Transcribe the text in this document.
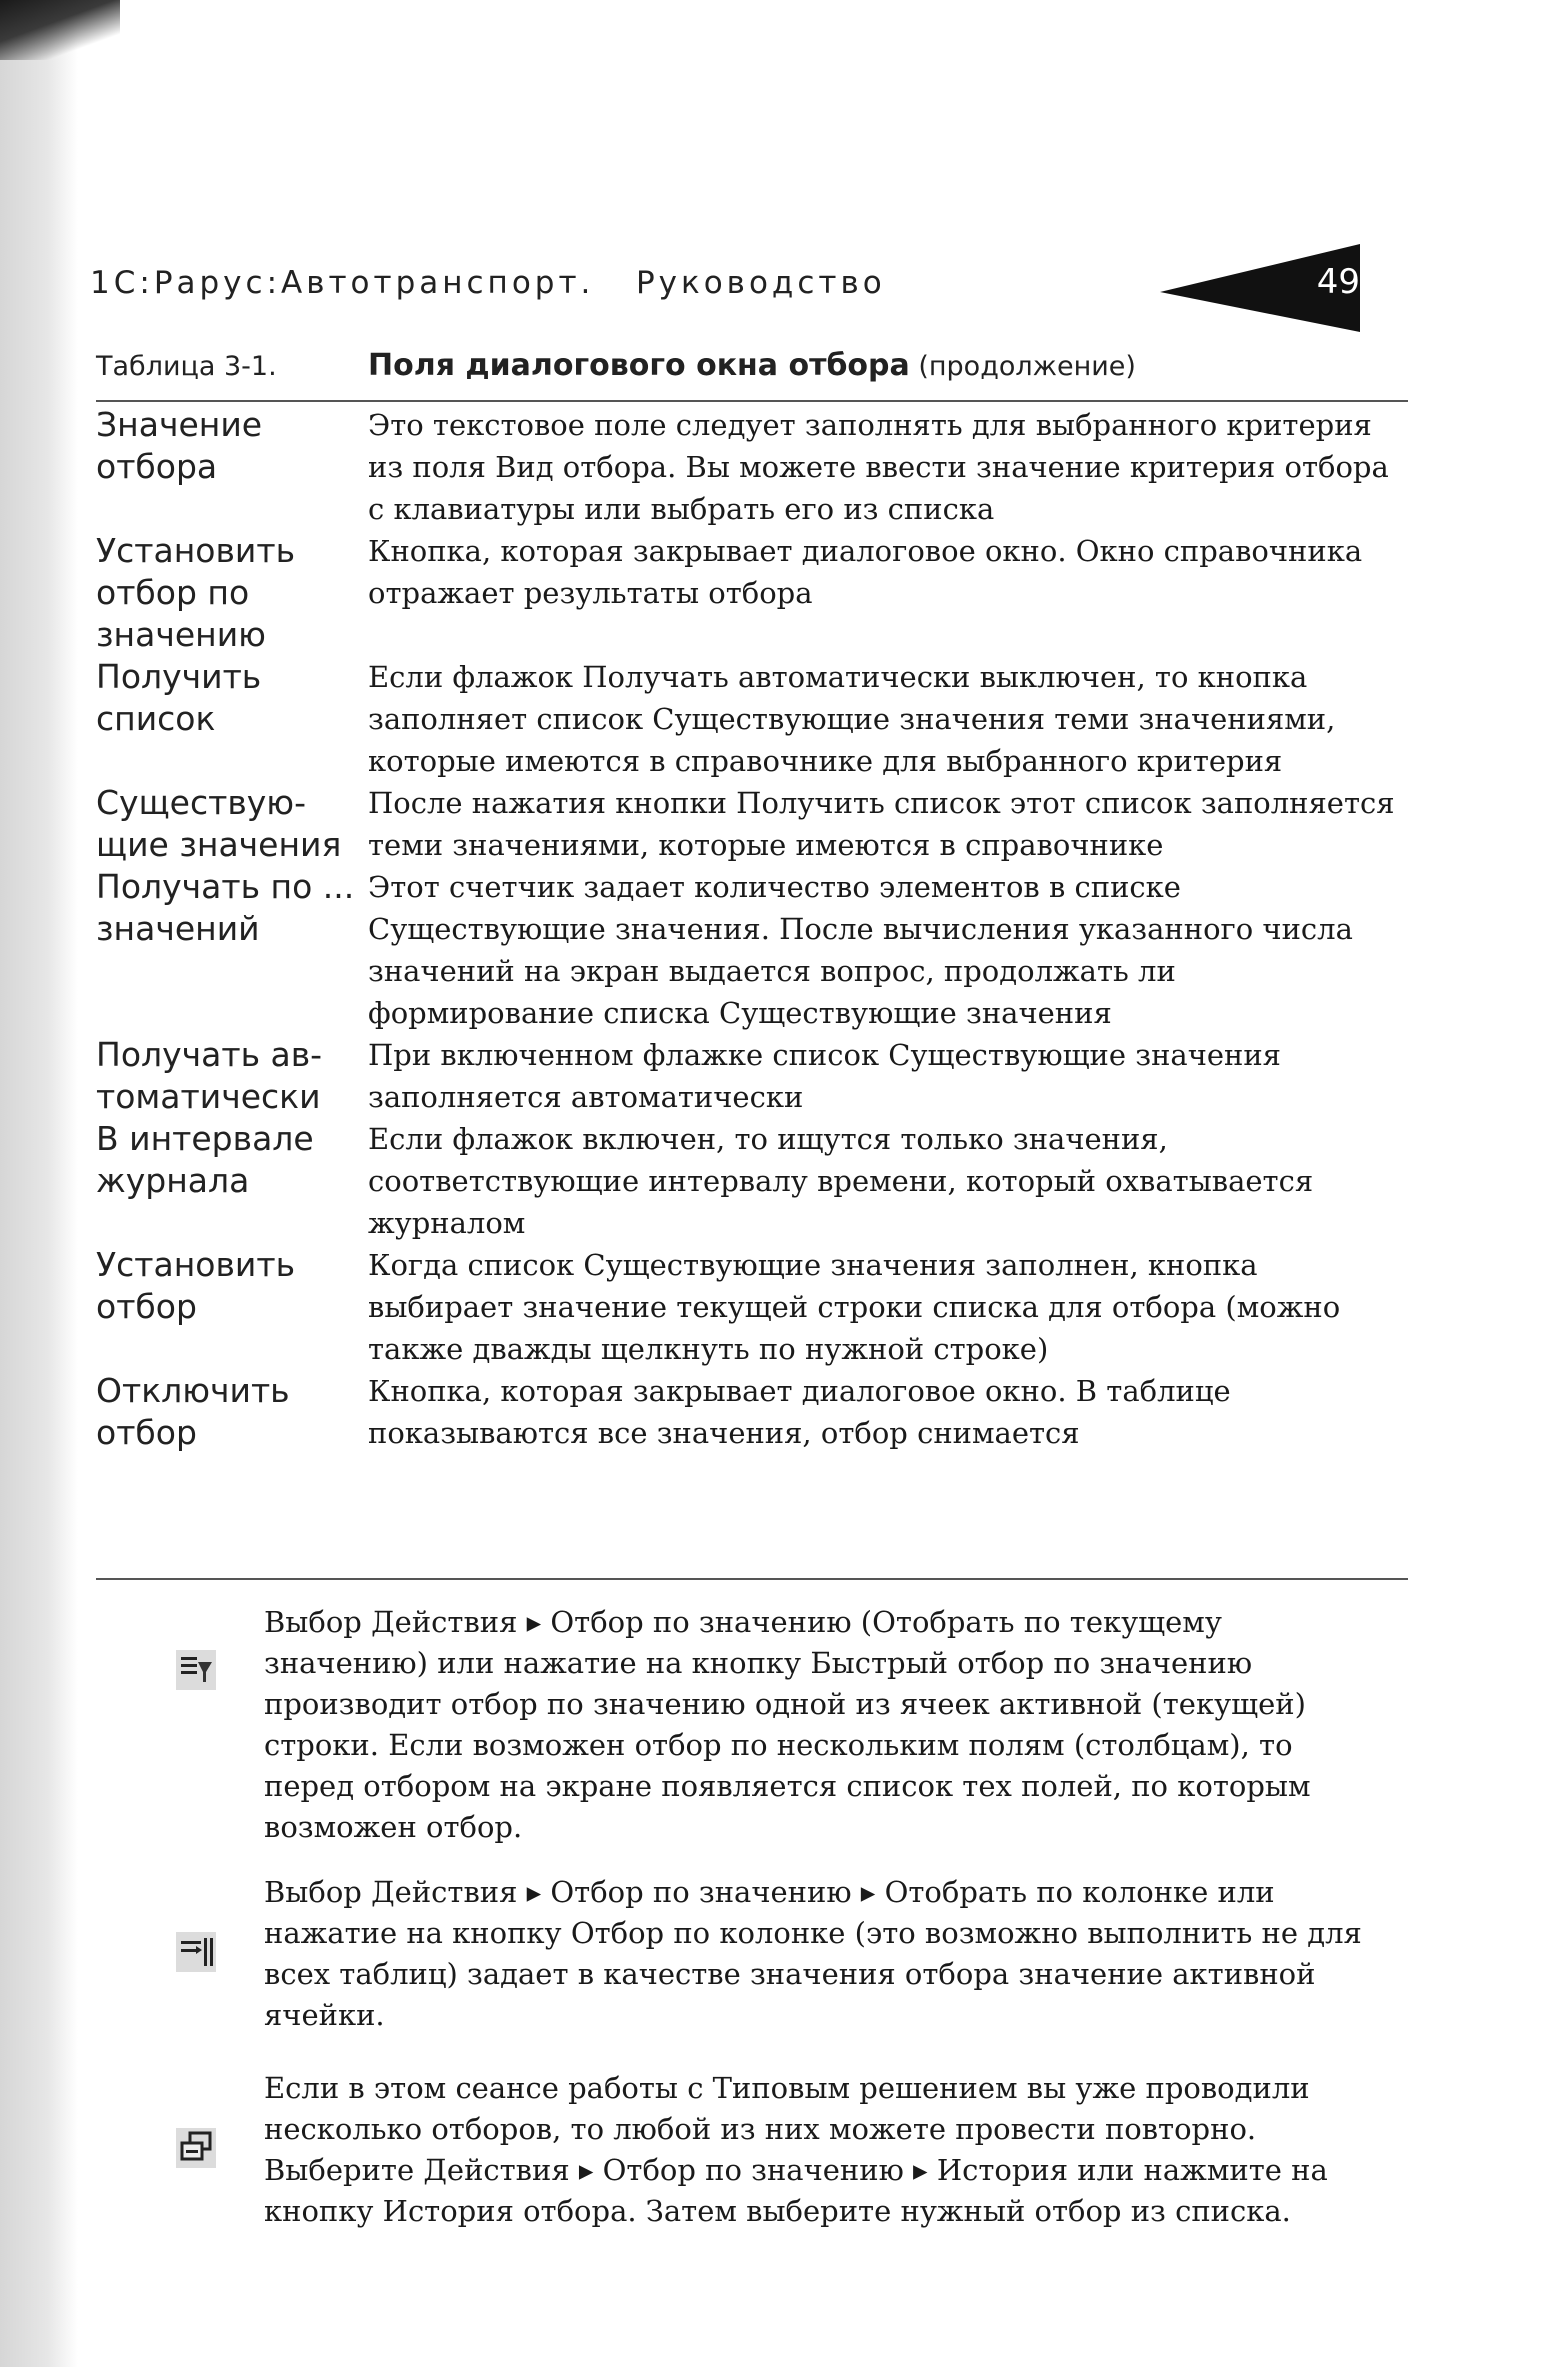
1С:Рарус:Автотранспорт. Руководство	49
Таблица 3-1.	Поля диалогового окна отбора (продолжение)
Значение отбора	Это текстовое поле следует заполнять для выбранного критерия из поля Вид отбора. Вы можете ввести значение критерия отбора с клавиатуры или выбрать его из списка
Установить отбор по значению	Кнопка, которая закрывает диалоговое окно. Окно справочника отражает результаты отбора
Получить список	Если флажок Получать автоматически выключен, то кнопка заполняет список Существующие значения теми значениями, которые имеются в справочнике для выбранного критерия
Существую-щие значения	После нажатия кнопки Получить список этот список заполняется теми значениями, которые имеются в справочнике
Получать по ... значений	Этот счетчик задает количество элементов в списке Существующие значения. После вычисления указанного числа значений на экран выдается вопрос, продолжать ли формирование списка Существующие значения
Получать ав-томатически	При включенном флажке список Существующие значения заполняется автоматически
В интервале журнала	Если флажок включен, то ищутся только значения, соответствующие интервалу времени, который охватывается журналом
Установить отбор	Когда список Существующие значения заполнен, кнопка выбирает значение текущей строки списка для отбора (можно также дважды щелкнуть по нужной строке)
Отключить отбор	Кнопка, которая закрывает диалоговое окно. В таблице показываются все значения, отбор снимается
Выбор Действия ▸ Отбор по значению (Отобрать по текущему значению) или нажатие на кнопку Быстрый отбор по значению производит отбор по значению одной из ячеек активной (текущей) строки. Если возможен отбор по нескольким полям (столбцам), то перед отбором на экране появляется список тех полей, по которым возможен отбор.
Выбор Действия ▸ Отбор по значению ▸ Отобрать по колонке или нажатие на кнопку Отбор по колонке (это возможно выполнить не для всех таблиц) задает в качестве значения отбора значение активной ячейки.
Если в этом сеансе работы с Типовым решением вы уже проводили несколько отборов, то любой из них можете провести повторно. Выберите Действия ▸ Отбор по значению ▸ История или нажмите на кнопку История отбора. Затем выберите нужный отбор из списка.
